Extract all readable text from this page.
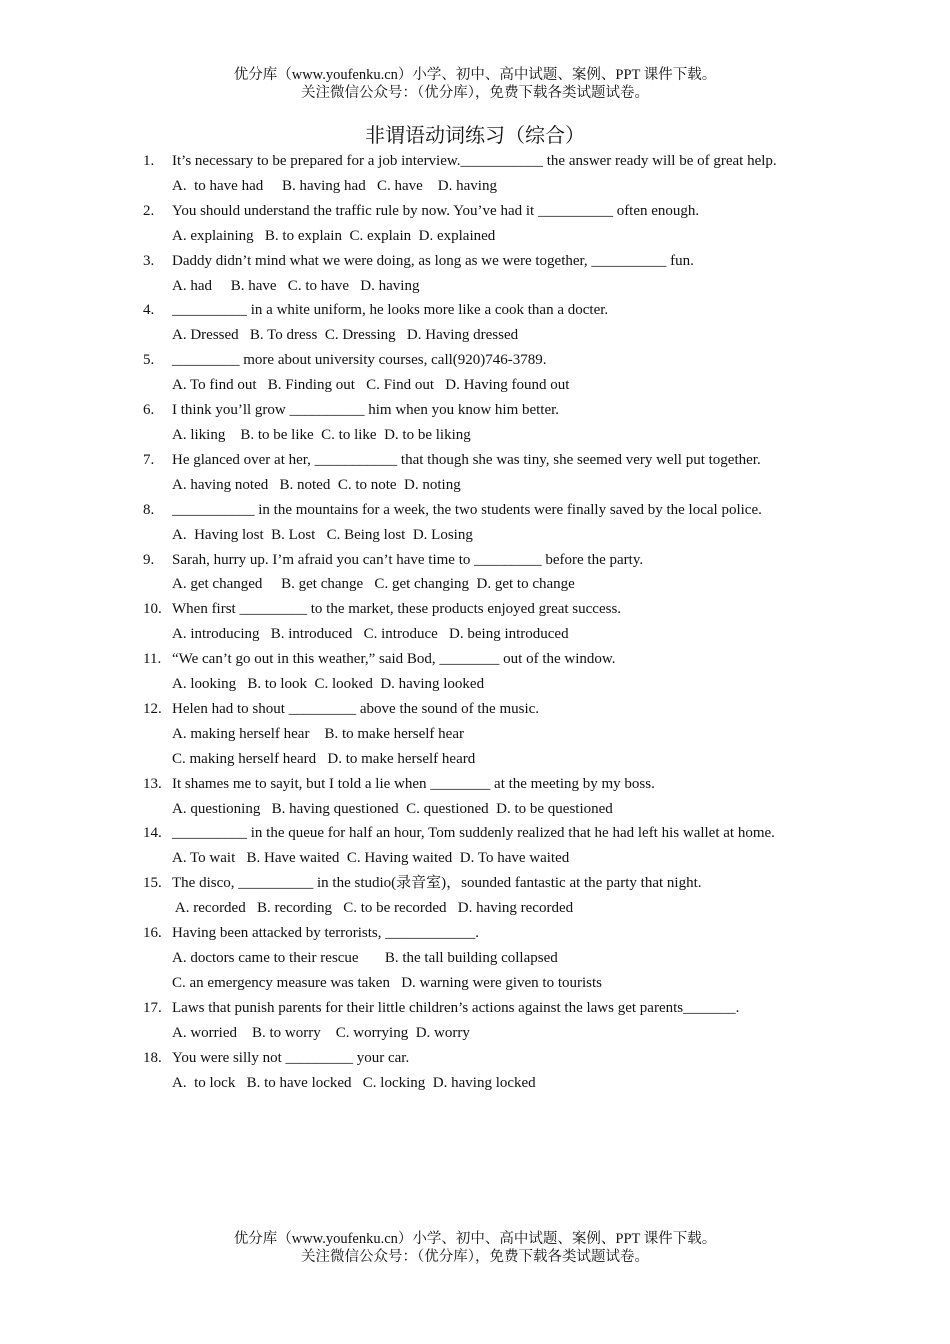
优分库（www.youfenku.cn）小学、初中、高中试题、案例、PPT 课件下载。
关注微信公众号：（优分库），免费下载各类试题试卷。
非谓语动词练习（综合）
1.	It’s necessary to be prepared for a job interview.___________ the answer ready will be of great help.
A.  to have had     B. having had   C. have    D. having
2.	You should understand the traffic rule by now. You’ve had it __________ often enough.
A. explaining   B. to explain  C. explain  D. explained
3.	Daddy didn’t mind what we were doing, as long as we were together, __________ fun.
A. had     B. have   C. to have   D. having
4.	__________ in a white uniform, he looks more like a cook than a docter.
A. Dressed   B. To dress  C. Dressing   D. Having dressed
5.	_________ more about university courses, call(920)746-3789.
A. To find out   B. Finding out   C. Find out   D. Having found out
6.	I think you’ll grow __________ him when you know him better.
A. liking    B. to be like  C. to like  D. to be liking
7.	He glanced over at her, ___________ that though she was tiny, she seemed very well put together.
A. having noted   B. noted  C. to note  D. noting
8.	___________ in the mountains for a week, the two students were finally saved by the local police.
A.  Having lost  B. Lost   C. Being lost  D. Losing
9.	Sarah, hurry up. I’m afraid you can’t have time to _________ before the party.
A. get changed     B. get change   C. get changing  D. get to change
10. When first _________ to the market, these products enjoyed great success.
A. introducing   B. introduced   C. introduce   D. being introduced
11. “We can’t go out in this weather,” said Bod, ________ out of the window.
A. looking   B. to look  C. looked  D. having looked
12. Helen had to shout _________ above the sound of the music.
A. making herself hear    B. to make herself hear
C. making herself heard   D. to make herself heard
13. It shames me to sayit, but I told a lie when ________ at the meeting by my boss.
A. questioning   B. having questioned  C. questioned  D. to be questioned
14. __________ in the queue for half an hour, Tom suddenly realized that he had left his wallet at home.
A. To wait   B. Have waited  C. Having waited  D. To have waited
15. The disco, __________ in the studio(录音室)，sounded fantastic at the party that night.
A. recorded   B. recording   C. to be recorded   D. having recorded
16. Having been attacked by terrorists, ____________.
A. doctors came to their rescue       B. the tall building collapsed
C. an emergency measure was taken   D. warning were given to tourists
17. Laws that punish parents for their little children’s actions against the laws get parents_______.
A. worried    B. to worry    C. worrying  D. worry
18. You were silly not _________ your car.
A.  to lock   B. to have locked   C. locking  D. having locked
优分库（www.youfenku.cn）小学、初中、高中试题、案例、PPT 课件下载。
关注微信公众号：（优分库），免费下载各类试题试卷。
